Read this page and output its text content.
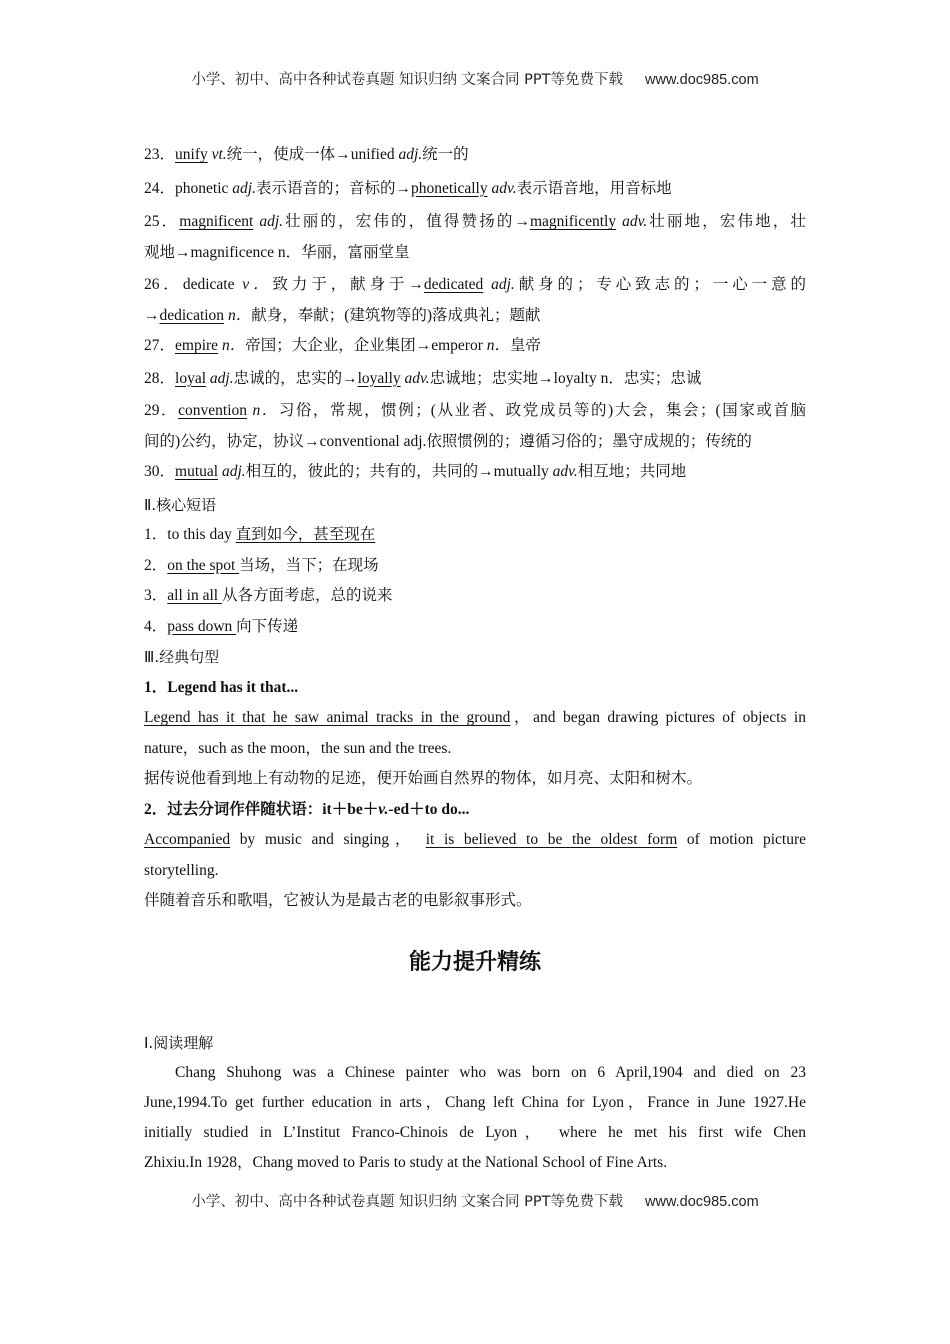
小学、初中、高中各种试卷真题 知识归纳 文案合同 PPT等免费下载 www.doc985.com
23．unify vt.统一，使成一体→unified adj.统一的
24．phonetic adj.表示语音的；音标的→phonetically adv.表示语音地，用音标地
25．magnificent adj.壮丽的，宏伟的，值得赞扬的→magnificently adv.壮丽地，宏伟地，壮
观地→magnificence n．华丽，富丽堂皇
26．dedicate v．致力于，献身于→dedicated adj.献身的；专心致志的；一心一意的
→dedication n．献身，奉献；(建筑物等的)落成典礼；题献
27．empire n．帝国；大企业，企业集团→emperor n．皇帝
28．loyal adj.忠诚的，忠实的→loyally adv.忠诚地；忠实地→loyalty n．忠实；忠诚
29．convention n．习俗，常规，惯例；(从业者、政党成员等的)大会，集会；(国家或首脑
间的)公约，协定，协议→conventional adj.依照惯例的；遵循习俗的；墨守成规的；传统的
30．mutual adj.相互的，彼此的；共有的，共同的→mutually adv.相互地；共同地
Ⅱ.核心短语
1．to this day 直到如今，甚至现在
2．on the spot 当场，当下；在现场
3．all in all 从各方面考虑，总的说来
4．pass down 向下传递
Ⅲ.经典句型
1．Legend has it that...
Legend has it that he saw animal tracks in the ground，and began drawing pictures of objects in
nature，such as the moon，the sun and the trees.
据传说他看到地上有动物的足迹，便开始画自然界的物体，如月亮、太阳和树木。
2．过去分词作伴随状语：it＋be＋v.-ed＋to do...
Accompanied by music and singing， it is believed to be the oldest form of motion picture
storytelling.
伴随着音乐和歌唱，它被认为是最古老的电影叙事形式。
能力提升精练
Ⅰ.阅读理解
Chang Shuhong was a Chinese painter who was born on 6 April,1904 and died on 23
June,1994.To get further education in arts，Chang left China for Lyon，France in June 1927.He
initially studied in L’Institut Franco-Chinois de Lyon， where he met his first wife Chen
Zhixiu.In 1928，Chang moved to Paris to study at the National School of Fine Arts.
小学、初中、高中各种试卷真题 知识归纳 文案合同 PPT等免费下载 www.doc985.com
